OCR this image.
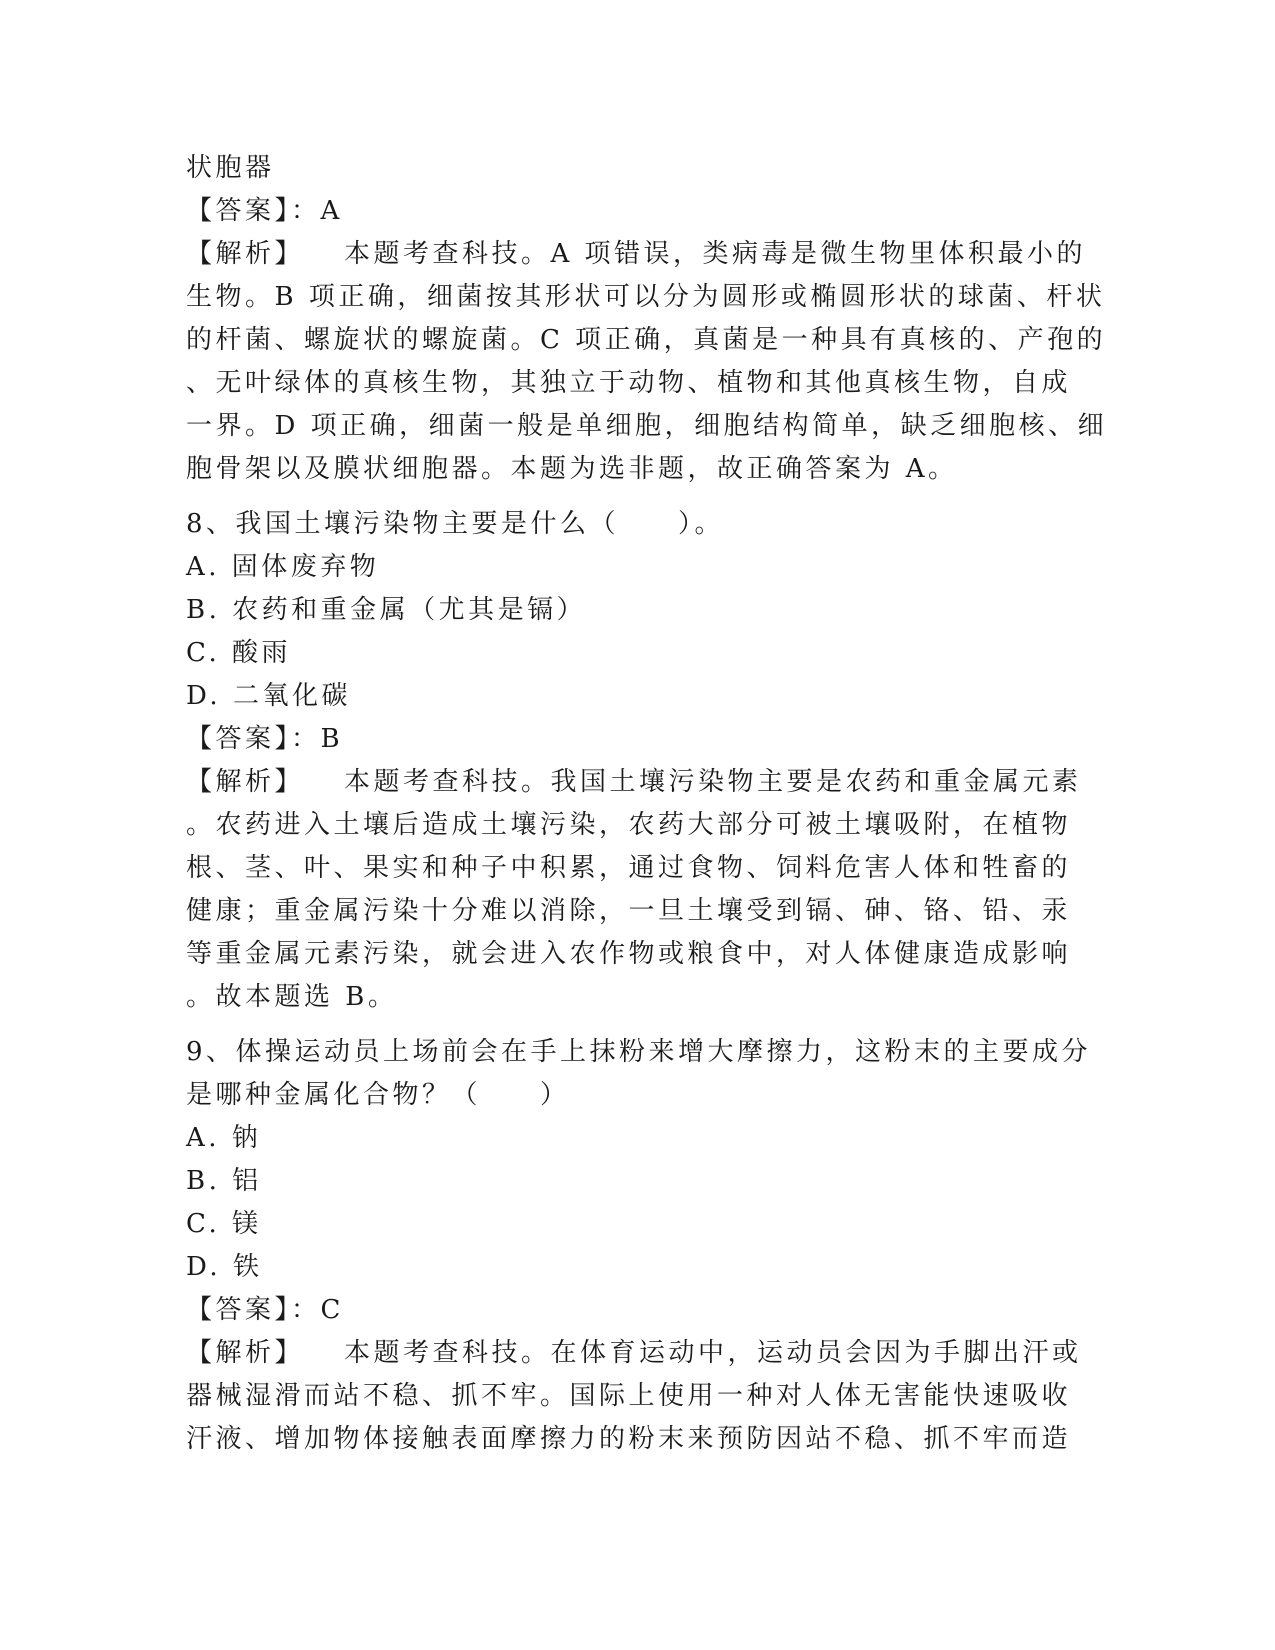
状胞器
【答案】：A
【解析】 本题考查科技。A 项错误，类病毒是微生物里体积最小的
生物。B 项正确，细菌按其形状可以分为圆形或椭圆形状的球菌、杆状
的杆菌、螺旋状的螺旋菌。C 项正确，真菌是一种具有真核的、产孢的
、无叶绿体的真核生物，其独立于动物、植物和其他真核生物，自成
一界。D 项正确，细菌一般是单细胞，细胞结构简单，缺乏细胞核、细
胞骨架以及膜状细胞器。本题为选非题，故正确答案为 A。
8、我国土壤污染物主要是什么（　　）。
A. 固体废弃物
B. 农药和重金属（尤其是镉）
C. 酸雨
D. 二氧化碳
【答案】：B
【解析】 本题考查科技。我国土壤污染物主要是农药和重金属元素
。农药进入土壤后造成土壤污染，农药大部分可被土壤吸附，在植物
根、茎、叶、果实和种子中积累，通过食物、饲料危害人体和牲畜的
健康；重金属污染十分难以消除，一旦土壤受到镉、砷、铬、铅、汞
等重金属元素污染，就会进入农作物或粮食中，对人体健康造成影响
。故本题选 B。
9、体操运动员上场前会在手上抹粉来增大摩擦力，这粉末的主要成分
是哪种金属化合物？（　　）
A. 钠
B. 铝
C. 镁
D. 铁
【答案】：C
【解析】 本题考查科技。在体育运动中，运动员会因为手脚出汗或
器械湿滑而站不稳、抓不牢。国际上使用一种对人体无害能快速吸收
汗液、增加物体接触表面摩擦力的粉末来预防因站不稳、抓不牢而造
